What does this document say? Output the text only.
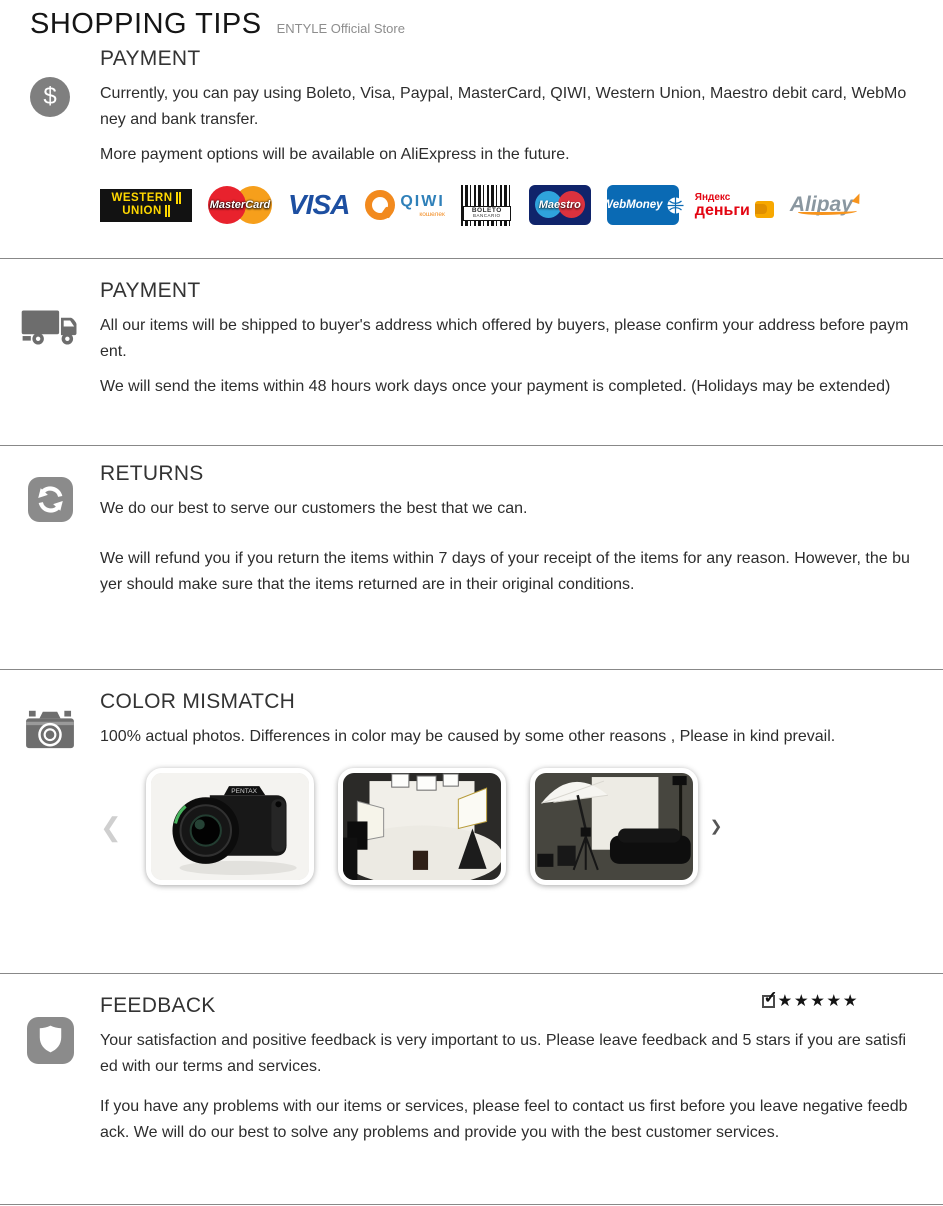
SHOPPING TIPS ENTYLE Official Store
$
PAYMENT

Currently, you can pay using Boleto, Visa, Paypal, MasterCard, QIWI, Western Union, Maestro debit card, WebMoney and bank transfer.

More payment options will be available on AliExpress in the future.

WESTERN
UNION	MasterCard VISA	QIWI
кошелек
BOLETO
BANCARIO
Maestro	WebMoney
Яндекс
деньги Alipay
PAYMENT

All our items will be shipped to buyer's address which offered by buyers, please confirm your address before payment.

We will send the items within 48 hours work days once your payment is completed. (Holidays may be extended)

RETURNS

We do our best to serve our customers the best that we can.

We will refund you if you return the items within 7 days of your receipt of the items for any reason. However, the buyer should make sure that the items returned are in their original conditions.

COLOR MISMATCH

100% actual photos. Differences in color may be caused by some other reasons , Please in kind prevail.

❮
PENTAX
❯
FEEDBACK	✓ ★★★★★

Your satisfaction and positive feedback is very important to us. Please leave feedback and 5 stars if you are satisfied with our terms and services.

If you have any problems with our items or services, please feel to contact us first before you leave negative feedback. We will do our best to solve any problems and provide you with the best customer services.
